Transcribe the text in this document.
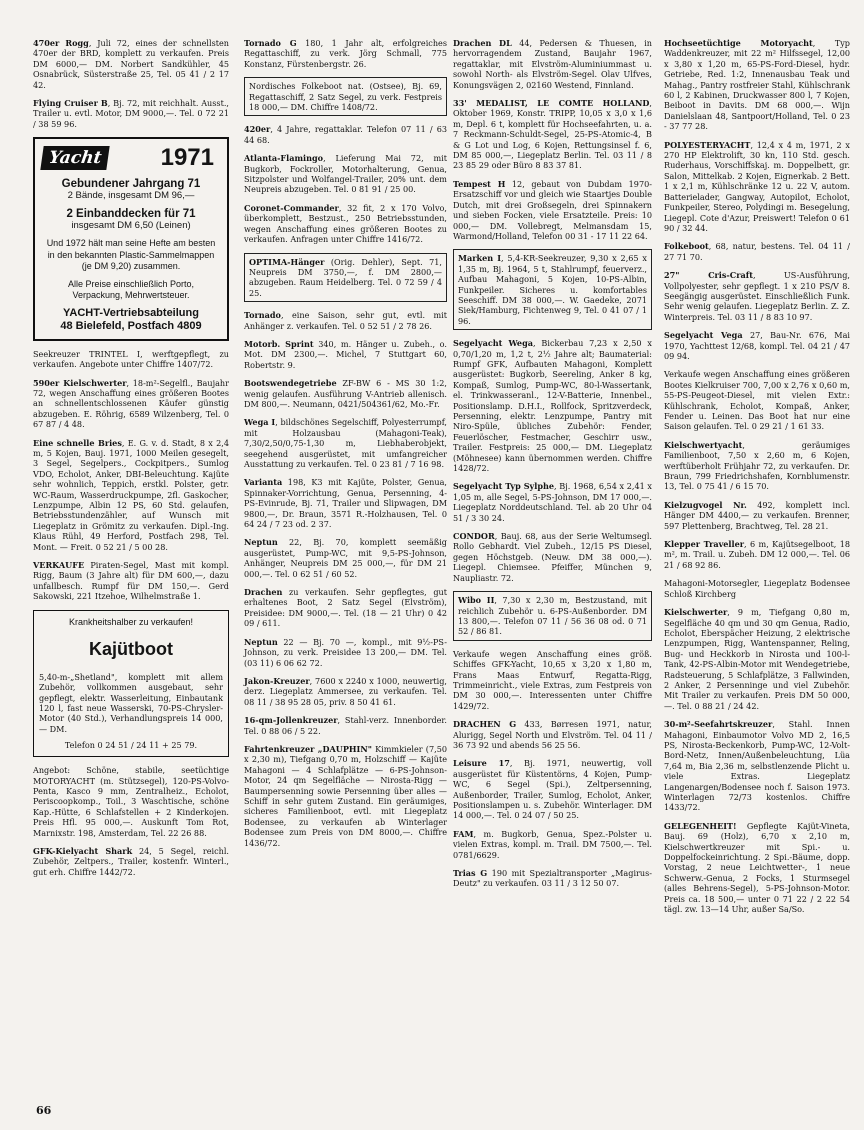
470er Rogg, Juli 72, eines der schnellsten 470er der BRD, komplett zu verkaufen. Preis DM 6000,— DM. Norbert Sandkühler, 45 Osnabrück, Süsterstraße 25, Tel. 05 41 / 2 17 42.

Flying Cruiser B, Bj. 72, mit reichhalt. Ausst., Trailer u. evtl. Motor, DM 9000,—. Tel. 0 72 21 / 38 59 96.

Yacht	1971
Gebundener Jahrgang 71
2 Bände, insgesamt DM 96,—
2 Einbanddecken für 71
insgesamt DM 6,50 (Leinen)
Und 1972 hält man seine Hefte am besten in den bekannten Plastic-Sammelmappen (je DM 9,20) zusammen.
Alle Preise einschließlich Porto, Verpackung, Mehrwertsteuer.
YACHT-Vertriebsabteilung
48 Bielefeld, Postfach 4809

Seekreuzer TRINTEL I, werftgepflegt, zu verkaufen. Angebote unter Chiffre 1407/72.

590er Kielschwerter, 18-m²-Segelfl., Baujahr 72, wegen Anschaffung eines größeren Bootes an schnellentschlossenen Käufer günstig abzugeben. E. Röhrig, 6589 Wilzenberg, Tel. 0 67 87 / 4 48.

Eine schnelle Bries, E. G. v. d. Stadt, 8 x 2,4 m, 5 Kojen, Bauj. 1971, 1000 Meilen gesegelt, 3 Segel, Segelpers., Cockpitpers., Sumlog VDO, Echolot, Anker, DBI-Beleuchtung. Kajüte sehr wohnlich, Teppich, erstkl. Polster, getr. WC-Raum, Wasserdruckpumpe, 2fl. Gaskocher, Lenzpumpe, Albin 12 PS, 60 Std. gelaufen, Betriebsstundenzähler, auf Wunsch mit Liegeplatz in Grömitz zu verkaufen. Dipl.-Ing. Klaus Rühl, 49 Herford, Postfach 298, Tel. Mont. — Freit. 0 52 21 / 5 00 28.

VERKAUFE Piraten-Segel, Mast mit kompl. Rigg, Baum (3 Jahre alt) für DM 600,—, dazu unfallbesch. Rumpf für DM 150,—. Gerd Sakowski, 221 Itzehoe, Wilhelmstraße 1.

Krankheitshalber zu verkaufen!
Kajütboot
5,40-m-„Shetland", komplett mit allem Zubehör, vollkommen ausgebaut, sehr gepflegt, elektr. Wasserleitung, Einbautank 120 l, fast neue Wasserski, 70-PS-Chrysler-Motor (40 Std.), Verhandlungspreis 14 000,— DM.
Telefon 0 24 51 / 24 11 + 25 79.

Angebot: Schöne, stabile, seetüchtige MOTORYACHT (m. Stützsegel), 120-PS-Volvo-Penta, Kasco 9 mm, Zentralheiz., Echolot, Periscoopkomp., Toil., 3 Waschtische, schöne Kap.-Hütte, 6 Schlafstellen + 2 Kinderkojen. Preis Hfl. 95 000,—. Auskunft Tom Rot, Marnixstr. 198, Amsterdam, Tel. 22 26 88.

GFK-Kielyacht Shark 24, 5 Segel, reichl. Zubehör, Zeltpers., Trailer, kostenfr. Winterl., gut erh. Chiffre 1442/72.

Tornado G 180, 1 Jahr alt, erfolgreiches Regattaschiff, zu verk. Jörg Schmall, 775 Konstanz, Fürstenbergstr. 26.

Nordisches Folkeboot nat. (Ostsee), Bj. 69, Regattaschiff, 2 Satz Segel, zu verk. Festpreis 18 000,— DM. Chiffre 1408/72.

420er, 4 Jahre, regattaklar. Telefon 07 11 / 63 44 68.

Atlanta-Flamingo, Lieferung Mai 72, mit Bugkorb, Fockroller, Motorhalterung, Genua, Sitzpolster und Wolfangel-Trailer, 20% unt. dem Neupreis abzugeben. Tel. 0 81 91 / 25 00.

Coronet-Commander, 32 fit, 2 x 170 Volvo, überkomplett, Bestzust., 250 Betriebsstunden, wegen Anschaffung eines größeren Bootes zu verkaufen. Anfragen unter Chiffre 1416/72.

OPTIMA-Hänger (Orig. Dehler), Sept. 71, Neupreis DM 3750,—, f. DM 2800,— abzugeben. Raum Heidelberg. Tel. 0 72 59 / 4 25.

Tornado, eine Saison, sehr gut, evtl. mit Anhänger z. verkaufen. Tel. 0 52 51 / 2 78 26.

Motorb. Sprint 340, m. Hänger u. Zubeh., o. Mot. DM 2300,—. Michel, 7 Stuttgart 60, Robertstr. 9.

Bootswendegetriebe ZF-BW 6 - MS 30 1:2, wenig gelaufen. Ausführung V-Antrieb allenisch. DM 800,—. Neumann, 0421/504361/62, Mo.-Fr.

Wega I, bildschönes Segelschiff, Polyesterrumpf, mit Holzausbau (Mahagoni-Teak), 7,30/2,50/0,75-1,30 m, Liebhaberobjekt, seegehend ausgerüstet, mit umfangreicher Ausstattung zu verkaufen. Tel. 0 23 81 / 7 16 98.

Varianta 198, K3 mit Kajüte, Polster, Genua, Spinnaker-Vorrichtung, Genua, Persenning, 4-PS-Evinrude, Bj. 71, Trailer und Slipwagen, DM 9800,—, Dr. Braun, 3571 R.-Holzhausen, Tel. 0 64 24 / 7 23 od. 2 37.

Neptun 22, Bj. 70, komplett seemäßig ausgerüstet, Pump-WC, mit 9,5-PS-Johnson, Anhänger, Neupreis DM 25 000,—, für DM 21 000,—. Tel. 0 62 51 / 60 52.

Drachen zu verkaufen. Sehr gepflegtes, gut erhaltenes Boot, 2 Satz Segel (Elvström), Preisidee: DM 9000,—. Tel. (18 — 21 Uhr) 0 42 09 / 611.

Neptun 22 — Bj. 70 —, kompl., mit 9½-PS-Johnson, zu verk. Preisidee 13 200,— DM. Tel. (03 11) 6 06 62 72.

Jakon-Kreuzer, 7600 x 2240 x 1000, neuwertig, derz. Liegeplatz Ammersee, zu verkaufen. Tel. 08 11 / 38 95 28 05, priv. 8 50 41 61.

16-qm-Jollenkreuzer, Stahl-verz. Innenborder. Tel. 0 88 06 / 5 22.

Fahrtenkreuzer „DAUPHIN" Kimmkieler (7,50 x 2,30 m), Tiefgang 0,70 m, Holzschiff — Kajüte Mahagoni — 4 Schlafplätze — 6-PS-Johnson-Motor, 24 qm Segelfläche — Nirosta-Rigg — Baumpersenning sowie Persenning über alles — Schiff in sehr gutem Zustand. Ein geräumiges, sicheres Familienboot, evtl. mit Liegeplatz Bodensee, zu verkaufen ab Winterlager Bodensee zum Preis von DM 8000,—. Chiffre 1436/72.

Drachen DL 44, Pedersen & Thuesen, in hervorragendem Zustand, Baujahr 1967, regattaklar, mit Elvström-Aluminiummast u. sowohl North- als Elvström-Segel. Olav Ulfves, Konungsvägen 2, 02160 Westend, Finnland.

33' MEDALIST, LE COMTE HOLLAND, Oktober 1969, Konstr. TRIPP, 10,05 x 3,0 x 1,6 m, Depl. 6 t, komplett für Hochseefahrten, u. a. 7 Reckmann-Schuldt-Segel, 25-PS-Atomic-4, B & G Lot und Log, 6 Kojen, Rettungsinsel f. 6, DM 85 000,—, Liegeplatz Berlin. Tel. 03 11 / 8 23 85 29 oder Büro 8 83 37 81.

Tempest H 12, gebaut von Dubdam 1970- Ersatzschiff vor und gleich wie Staartjes Double Dutch, mit drei Großsegeln, drei Spinnakern und sieben Focken, viele Ersatzteile. Preis: 10 000,— DM. Vollebregt, Melmansdam 15, Warmond/Holland, Telefon 00 31 - 17 11 22 64.

Marken I, 5,4-KR-Seekreuzer, 9,30 x 2,65 x 1,35 m, Bj. 1964, 5 t, Stahlrumpf, feuerverz., Aufbau Mahagoni, 5 Kojen, 10-PS-Albin, Funkpeiler. Sicheres u. komfortables Seeschiff. DM 38 000,—. W. Gaedeke, 2071 Siek/Hamburg, Fichtenweg 9, Tel. 0 41 07 / 1 96.

Segelyacht Wega, Bickerbau 7,23 x 2,50 x 0,70/1,20 m, 1,2 t, 2½ Jahre alt; Baumaterial: Rumpf GFK, Aufbauten Mahagoni, Komplett ausgerüstet: Bugkorb, Seereling, Anker 8 kg, Kompaß, Sumlog, Pump-WC, 80-l-Wassertank, el. Trinkwasseranl., 12-V-Batterie, Innenbel., Positionslamp. D.H.I., Rollfock, Spritzverdeck, Persenning, elektr. Lenzpumpe, Pantry mit Niro-Spüle, übliches Zubehör: Fender, Feuerlöscher, Festmacher, Geschirr usw., Trailer. Festpreis: 25 000,— DM. Liegeplatz (Möhnesee) kann übernommen werden. Chiffre 1428/72.

Segelyacht Typ Sylphe, Bj. 1968, 6,54 x 2,41 x 1,05 m, alle Segel, 5-PS-Johnson, DM 17 000,—. Liegeplatz Norddeutschland. Tel. ab 20 Uhr 04 51 / 3 30 24.

CONDOR, Bauj. 68, aus der Serie Weltumsegl. Rollo Gebhardt. Viel Zubeh., 12/15 PS Diesel, gegen Höchstgeb. (Neuw. DM 38 000,—). Liegepl. Chiemsee. Pfeiffer, München 9, Naupliastr. 72.

Wibo II, 7,30 x 2,30 m, Bestzustand, mit reichlich Zubehör u. 6-PS-Außenborder. DM 13 800,—. Telefon 07 11 / 56 36 08 od. 0 71 52 / 86 81.

Verkaufe wegen Anschaffung eines größ. Schiffes GFK-Yacht, 10,65 x 3,20 x 1,80 m, Frans Maas Entwurf, Regatta-Rigg, Trimmeinricht., viele Extras, zum Festpreis von DM 30 000,—. Interessenten unter Chiffre 1429/72.

DRACHEN G 433, Børresen 1971, natur, Alurigg, Segel North und Elvström. Tel. 04 11 / 36 73 92 und abends 56 25 56.

Leisure 17, Bj. 1971, neuwertig, voll ausgerüstet für Küstentörns, 4 Kojen, Pump-WC, 6 Segel (Spi.), Zeltpersenning, Außenborder, Trailer, Sumlog, Echolot, Anker, Positionslampen u. s. Zubehör. Winterlager. DM 14 000,—. Tel. 0 24 07 / 50 25.

FAM, m. Bugkorb, Genua, Spez.-Polster u. vielen Extras, kompl. m. Trail. DM 7500,—. Tel. 0781/6629.

Trias G 190 mit Spezialtransporter „Magirus-Deutz" zu verkaufen. 03 11 / 3 12 50 07.

Hochseetüchtige Motoryacht, Typ Waddenkreuzer, mit 22 m² Hilfssegel, 12,00 x 3,80 x 1,20 m, 65-PS-Ford-Diesel, hydr. Getriebe, Red. 1:2, Innenausbau Teak und Mahag., Pantry rostfreier Stahl, Kühlschrank 60 l, 2 Kabinen, Druckwasser 800 l, 7 Kojen, Beiboot in Davits. DM 68 000,—. Wijn Danielslaan 48, Santpoort/Holland, Tel. 0 23 - 37 77 28.

POLYESTERYACHT, 12,4 x 4 m, 1971, 2 x 270 HP Elektrolift, 30 kn, 110 Std. gesch. Ruderhaus, Vorschiffskaj. m. Doppelbett, gr. Salon, Mittelkab. 2 Kojen, Eignerkab. 2 Bett. 1 x 2,1 m, Kühlschränke 12 u. 22 V, autom. Batterielader, Gangway, Autopilot, Echolot, Funkpeiler, Stereo, Polydingi m. Besegelung, Liegepl. Cote d'Azur, Preiswert! Telefon 0 61 90 / 32 44.

Folkeboot, 68, natur, bestens. Tel. 04 11 / 27 71 70.

27" Cris-Craft, US-Ausführung, Vollpolyester, sehr gepflegt. 1 x 210 PS/V 8. Seegängig ausgerüstet. Einschließlich Funk. Sehr wenig gelaufen. Liegeplatz Berlin. Z. Z. Winterpreis. Tel. 03 11 / 8 83 10 97.

Segelyacht Vega 27, Bau-Nr. 676, Mai 1970, Yachttest 12/68, kompl. Tel. 04 21 / 47 09 94.

Verkaufe wegen Anschaffung eines größeren Bootes Kielkruiser 700, 7,00 x 2,76 x 0,60 m, 55-PS-Peugeot-Diesel, mit vielen Extr.: Kühlschrank, Echolot, Kompaß, Anker, Fender u. Leinen. Das Boot hat nur eine Saison gelaufen. Tel. 0 29 21 / 1 61 33.

Kielschwertyacht, geräumiges Familienboot, 7,50 x 2,60 m, 6 Kojen, werftüberholt Frühjahr 72, zu verkaufen. Dr. Braun, 799 Friedrichshafen, Kornblumenstr. 13, Tel. 0 75 41 / 6 15 70.

Kielzugvogel Nr. 492, komplett incl. Hänger DM 4400,— zu verkaufen. Brenner, 597 Plettenberg, Brachtweg, Tel. 28 21.

Klepper Traveller, 6 m, Kajütsegelboot, 18 m², m. Trail. u. Zubeh. DM 12 000,—. Tel. 06 21 / 68 92 86.

Mahagoni-Motorsegler, Liegeplatz Bodensee Schloß Kirchberg

Kielschwerter, 9 m, Tiefgang 0,80 m, Segelfläche 40 qm und 30 qm Genua, Radio, Echolot, Eberspächer Heizung, 2 elektrische Lenzpumpen, Rigg, Wantenspanner, Reling, Bug- und Heckkorb in Nirosta und 100-l-Tank, 42-PS-Albin-Motor mit Wendegetriebe, Radsteuerung, 5 Schlafplätze, 3 Fallwinden, 2 Anker, 2 Persenninge und viel Zubehör. Mit Trailer zu verkaufen. Preis DM 50 000,—. Tel. 0 88 21 / 24 42.

30-m²-Seefahrtskreuzer, Stahl. Innen Mahagoni, Einbaumotor Volvo MD 2, 16,5 PS, Nirosta-Beckenkorb, Pump-WC, 12-Volt-Bord-Netz, Innen/Außenbeleuchtung, Lüa 7,64 m, Bia 2,36 m, selbstlenzende Plicht u. viele Extras. Liegeplatz Langenargen/Bodensee noch f. Saison 1973. Winterlagen 72/73 kostenlos. Chiffre 1433/72.

GELEGENHEIT! Gepflegte Kajüt-Vineta, Bauj. 69 (Holz), 6,70 x 2,10 m, Kielschwertkreuzer mit Spi.- u. Doppelfockeinrichtung. 2 Spi.-Bäume, dopp. Vorstag, 2 neue Leichtwetter-, 1 neue Schwerw.-Genua, 2 Focks, 1 Sturmsegel (alles Behrens-Segel), 5-PS-Johnson-Motor. Preis ca. 18 500,— unter 0 71 22 / 2 22 54 tägl. zw. 13—14 Uhr, außer Sa/So.

66
